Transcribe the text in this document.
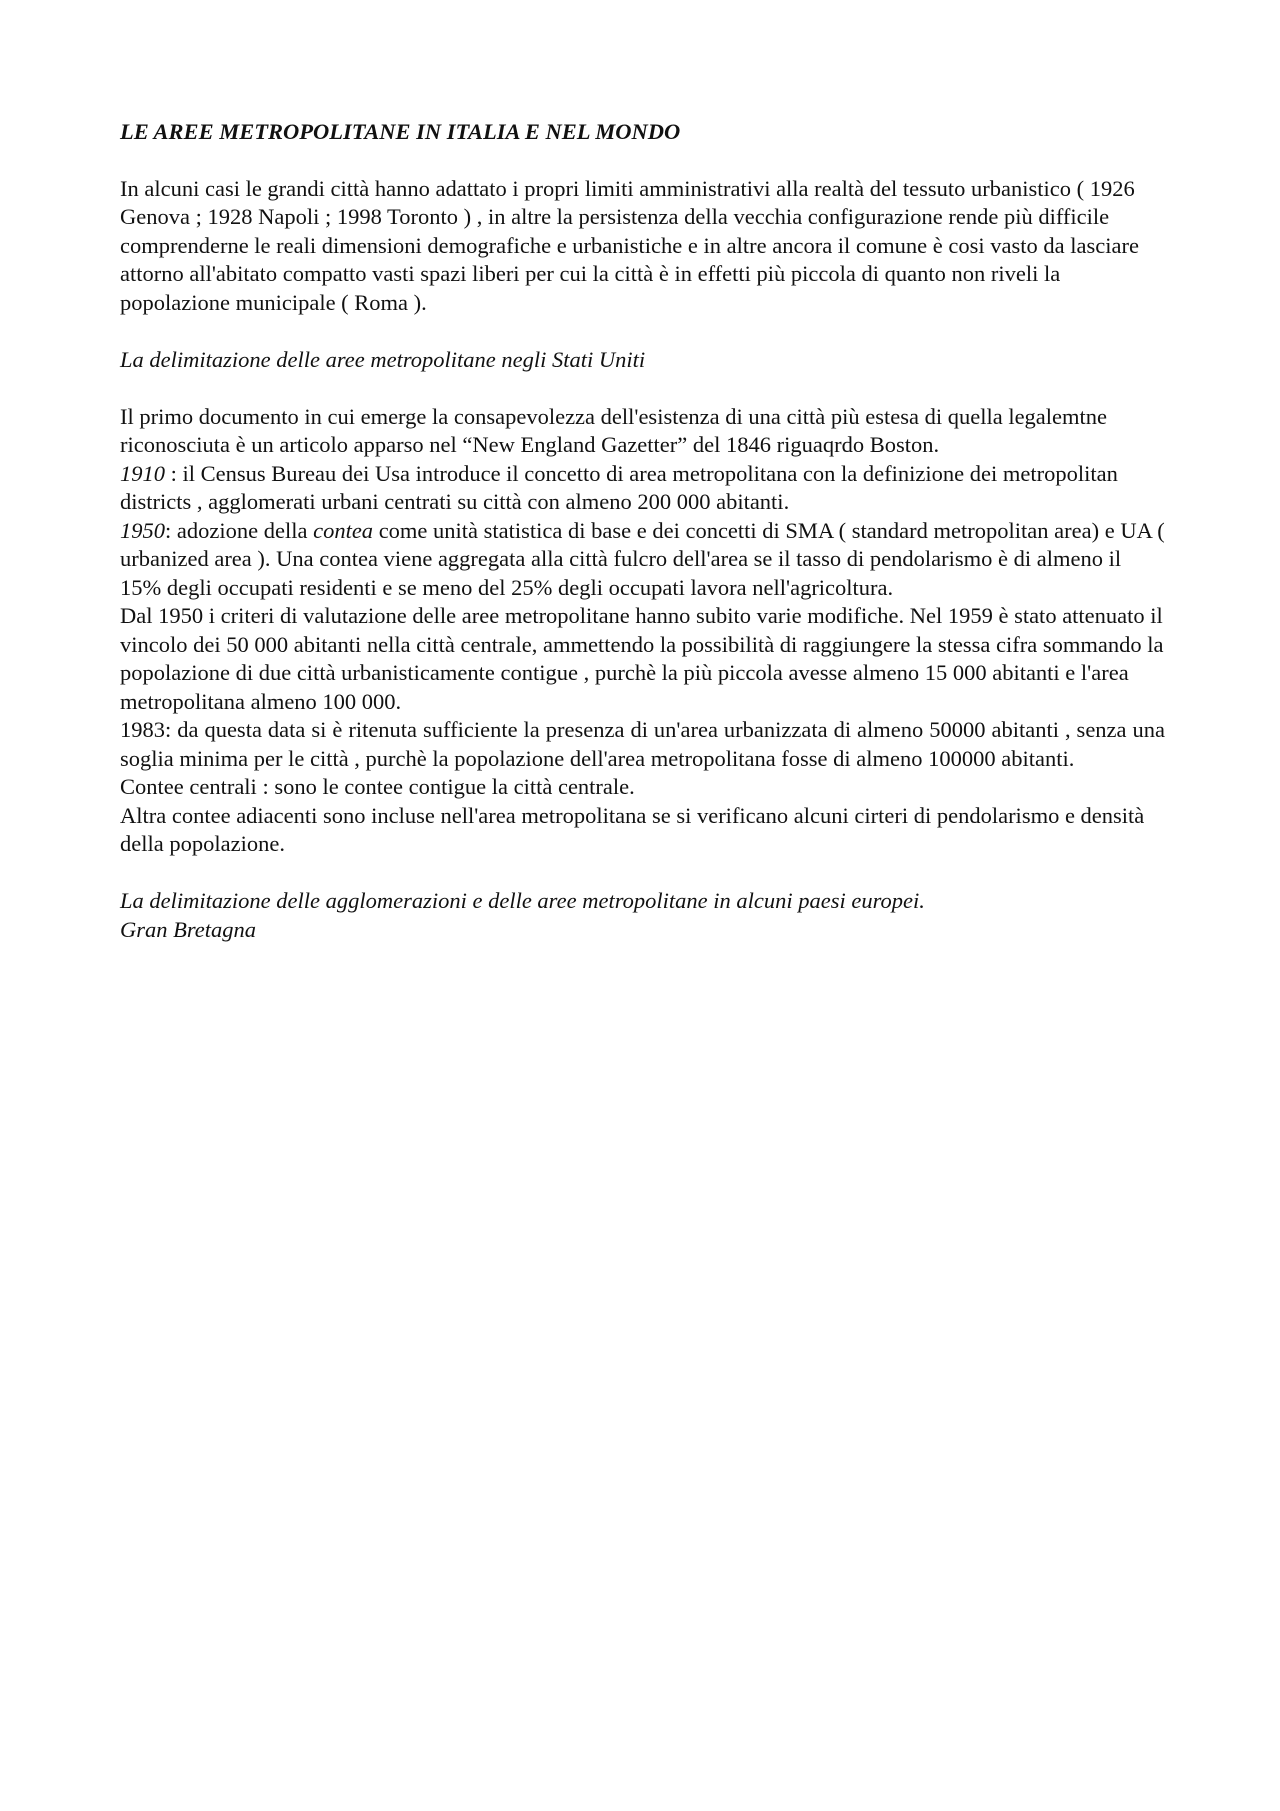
LE AREE METROPOLITANE IN ITALIA E NEL MONDO

In alcuni casi le grandi città hanno adattato i propri limiti amministrativi alla realtà del tessuto urbanistico ( 1926 Genova ; 1928 Napoli ; 1998 Toronto ) , in altre la persistenza della vecchia configurazione rende più difficile comprenderne le reali dimensioni demografiche e urbanistiche e in altre ancora il comune è cosi vasto da lasciare attorno all'abitato compatto vasti spazi liberi per cui la città è in effetti più piccola di quanto non riveli la popolazione municipale ( Roma ).

La delimitazione delle aree metropolitane negli Stati Uniti

Il primo documento in cui emerge la consapevolezza dell'esistenza di una città più estesa di quella legalemtne riconosciuta è un articolo apparso nel “New England Gazetter” del 1846 riguaqrdo Boston.

1910 : il Census Bureau dei Usa introduce il concetto di area metropolitana con la definizione dei metropolitan districts , agglomerati urbani centrati su città con almeno 200 000 abitanti.

1950: adozione della contea come unità statistica di base e dei concetti di SMA ( standard metropolitan area) e UA ( urbanized area ). Una contea viene aggregata alla città fulcro dell'area se il tasso di pendolarismo è di almeno il 15% degli occupati residenti e se meno del 25% degli occupati lavora nell'agricoltura.

Dal 1950 i criteri di valutazione delle aree metropolitane hanno subito varie modifiche. Nel 1959 è stato attenuato il vincolo dei 50 000 abitanti nella città centrale, ammettendo la possibilità di raggiungere la stessa cifra sommando la popolazione di due città urbanisticamente contigue , purchè la più piccola avesse almeno 15 000 abitanti e l'area metropolitana almeno 100 000.

1983: da questa data si è ritenuta sufficiente la presenza di un'area urbanizzata di almeno 50000 abitanti , senza una soglia minima per le città , purchè la popolazione dell'area metropolitana fosse di almeno 100000 abitanti.

Contee centrali : sono le contee contigue la città centrale.

Altra contee adiacenti sono incluse nell'area metropolitana se si verificano alcuni cirteri di pendolarismo e densità della popolazione.

La delimitazione delle agglomerazioni e delle aree metropolitane in alcuni paesi europei.

Gran Bretagna
